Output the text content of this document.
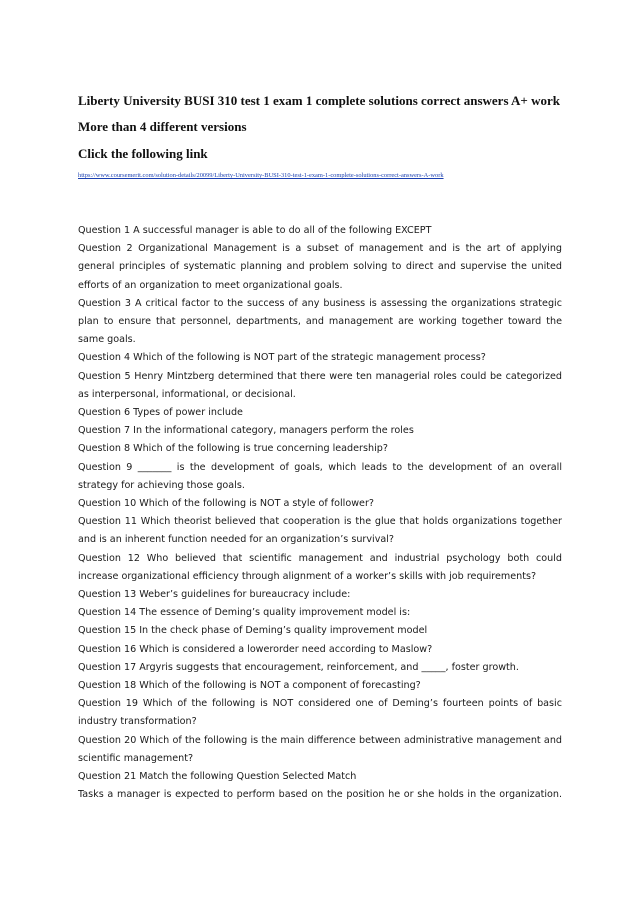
Liberty University BUSI 310 test 1 exam 1 complete solutions correct answers A+ work

More than 4 different versions

Click the following link

https://www.coursemerit.com/solution-details/20099/Liberty-University-BUSI-310-test-1-exam-1-complete-solutions-correct-answers-A-work

Question 1 A successful manager is able to do all of the following EXCEPT

Question 2 Organizational Management is a subset of management and is the art of applying general principles of systematic planning and problem solving to direct and supervise the united efforts of an organization to meet organizational goals.

Question 3 A critical factor to the success of any business is assessing the organizations strategic plan to ensure that personnel, departments, and management are working together toward the same goals.

Question 4 Which of the following is NOT part of the strategic management process?

Question 5 Henry Mintzberg determined that there were ten managerial roles could be categorized as interpersonal, informational, or decisional.

Question 6 Types of power include

Question 7 In the informational category, managers perform the roles

Question 8 Which of the following is true concerning leadership?

Question 9 _______ is the development of goals, which leads to the development of an overall strategy for achieving those goals.

Question 10 Which of the following is NOT a style of follower?

Question 11 Which theorist believed that cooperation is the glue that holds organizations together and is an inherent function needed for an organization’s survival?

Question 12 Who believed that scientific management and industrial psychology both could increase organizational efficiency through alignment of a worker’s skills with job requirements?

Question 13 Weber’s guidelines for bureaucracy include:

Question 14 The essence of Deming’s quality improvement model is:

Question 15 In the check phase of Deming’s quality improvement model

Question 16 Which is considered a lowerorder need according to Maslow?

Question 17 Argyris suggests that encouragement, reinforcement, and _____, foster growth.

Question 18 Which of the following is NOT a component of forecasting?

Question 19 Which of the following is NOT considered one of Deming’s fourteen points of basic industry transformation?

Question 20 Which of the following is the main difference between administrative management and scientific management?

Question 21 Match the following Question Selected Match

Tasks a manager is expected to perform based on the position he or she holds in the organization.
